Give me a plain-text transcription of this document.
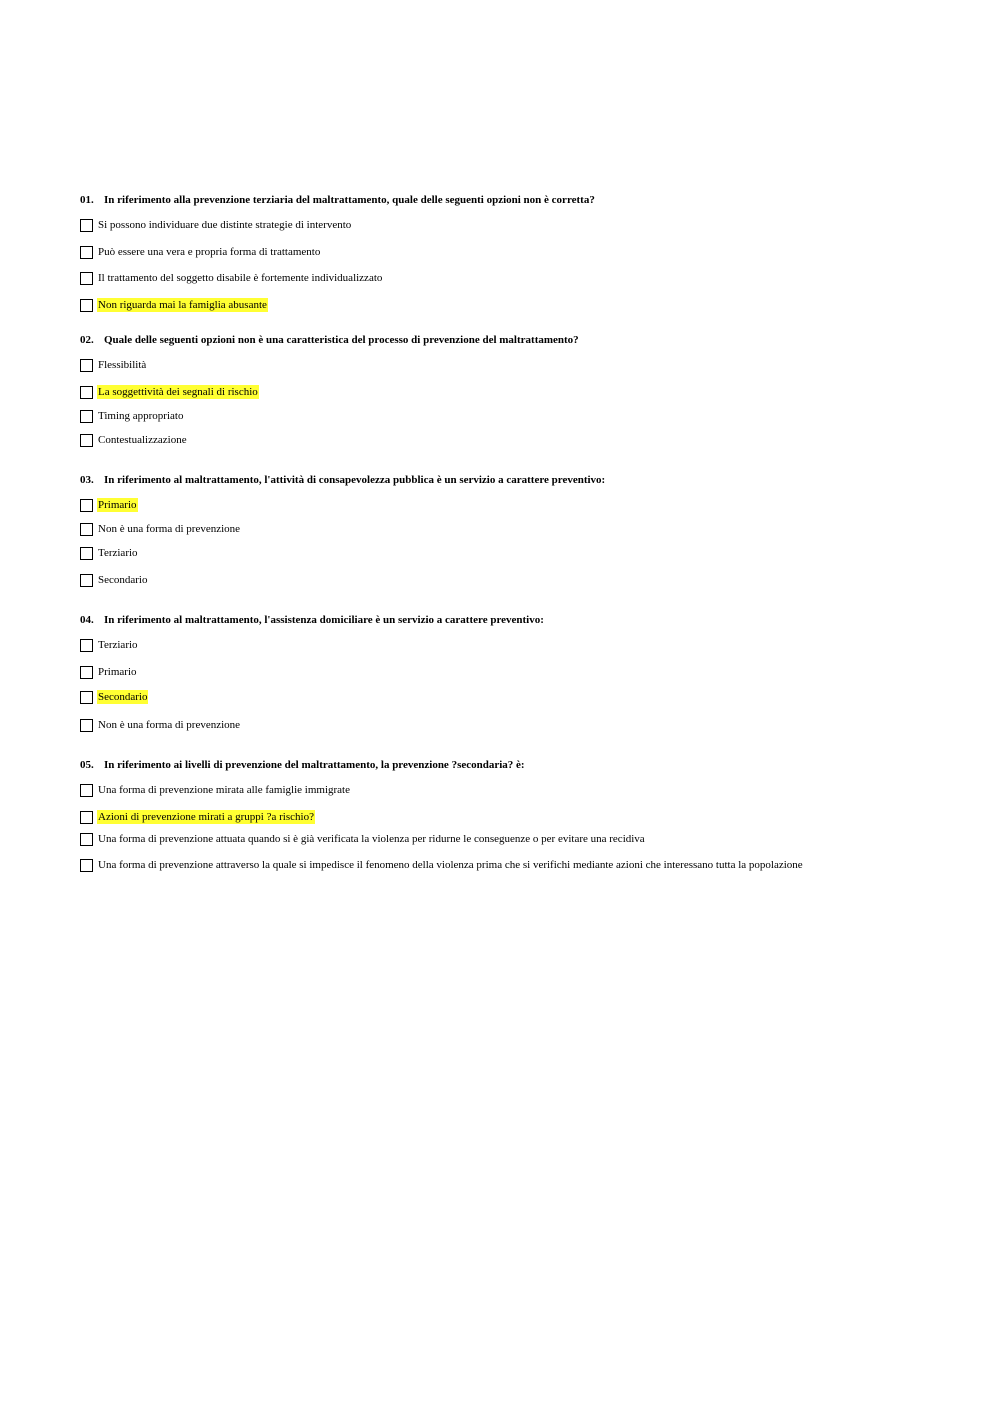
01. In riferimento alla prevenzione terziaria del maltrattamento, quale delle seguenti opzioni non è corretta?
Si possono individuare due distinte strategie di intervento
Può essere una vera e propria forma di trattamento
Il trattamento del soggetto disabile è fortemente individualizzato
Non riguarda mai la famiglia abusante
02. Quale delle seguenti opzioni non è una caratteristica del processo di prevenzione del maltrattamento?
Flessibilità
La soggettività dei segnali di rischio
Timing appropriato
Contestualizzazione
03. In riferimento al maltrattamento, l'attività di consapevolezza pubblica è un servizio a carattere preventivo:
Primario
Non è una forma di prevenzione
Terziario
Secondario
04. In riferimento al maltrattamento, l'assistenza domiciliare è un servizio a carattere preventivo:
Terziario
Primario
Secondario
Non è una forma di prevenzione
05. In riferimento ai livelli di prevenzione del maltrattamento, la prevenzione ?secondaria? è:
Una forma di prevenzione mirata alle famiglie immigrate
Azioni di prevenzione mirati a gruppi ?a rischio?
Una forma di prevenzione attuata quando si è già verificata la violenza per ridurne le conseguenze o per evitare una recidiva
Una forma di prevenzione attraverso la quale si impedisce il fenomeno della violenza prima che si verifichi mediante azioni che interessano tutta la popolazione
